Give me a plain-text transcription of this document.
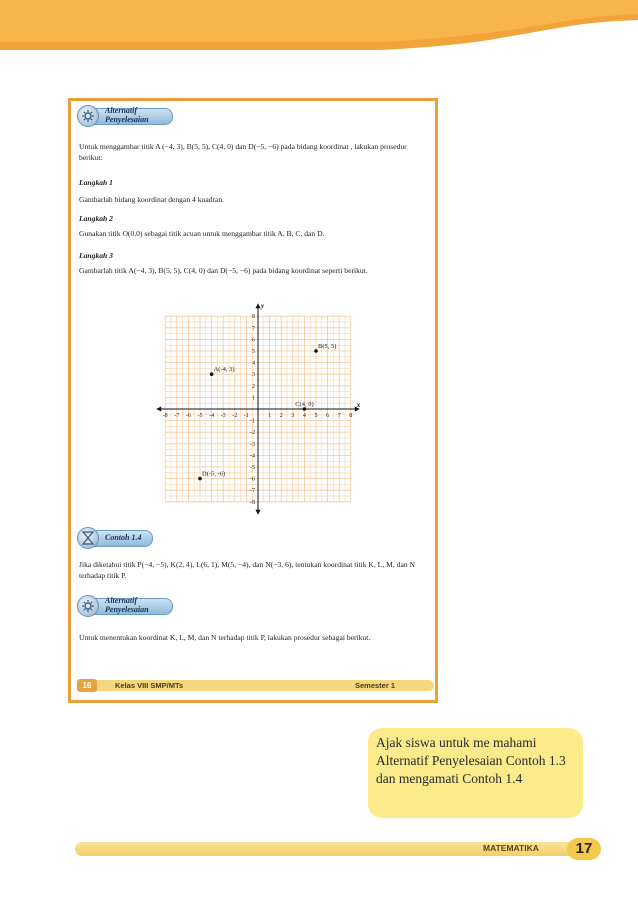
Alternatif
Penyelesaian
Untuk menggambar titik A (−4, 3), B(5, 5), C(4, 0) dan D(−5, −6) pada bidang koordinat , lakukan prosedur berikut:
Langkah 1
Gambarlah bidang koordinat dengan 4 kuadran.
Langkah 2
Gunakan titik O(0,0) sebagai titik acuan untuk menggambar titik A, B, C, dan D.
Langkah 3
Gambarlah titik A(−4, 3), B(5, 5), C(4, 0) dan D(−5, −6) pada bidang koordinat seperti berikut.
x
y
-8 -7 -6 -5 -4 -3 -2 -1	1 2 3 4 5 6 7 8
-8
-7
-6
-5
-4
-3
-2
-1
1
2
3
4
5
6
7
8
A(-4, 3)
B(5, 5)
C(4, 0)
D(-5, -6)
Contoh 1.4
Jika diketahui titik P(−4, −5), K(2, 4), L(6, 1), M(5, −4), dan N(−3, 6), tentukan koordinat titik K, L, M, dan N terhadap titik P.
Alternatif
Penyelesaian
Untuk menentukan koordinat K, L, M, dan N terhadap titik P, lakukan prosedur sebagai berikut.
16	Kelas VIII SMP/MTs	Semester 1
Ajak siswa untuk me mahami Alternatif Penyelesaian Contoh 1.3 dan mengamati Contoh 1.4
MATEMATIKA	17
